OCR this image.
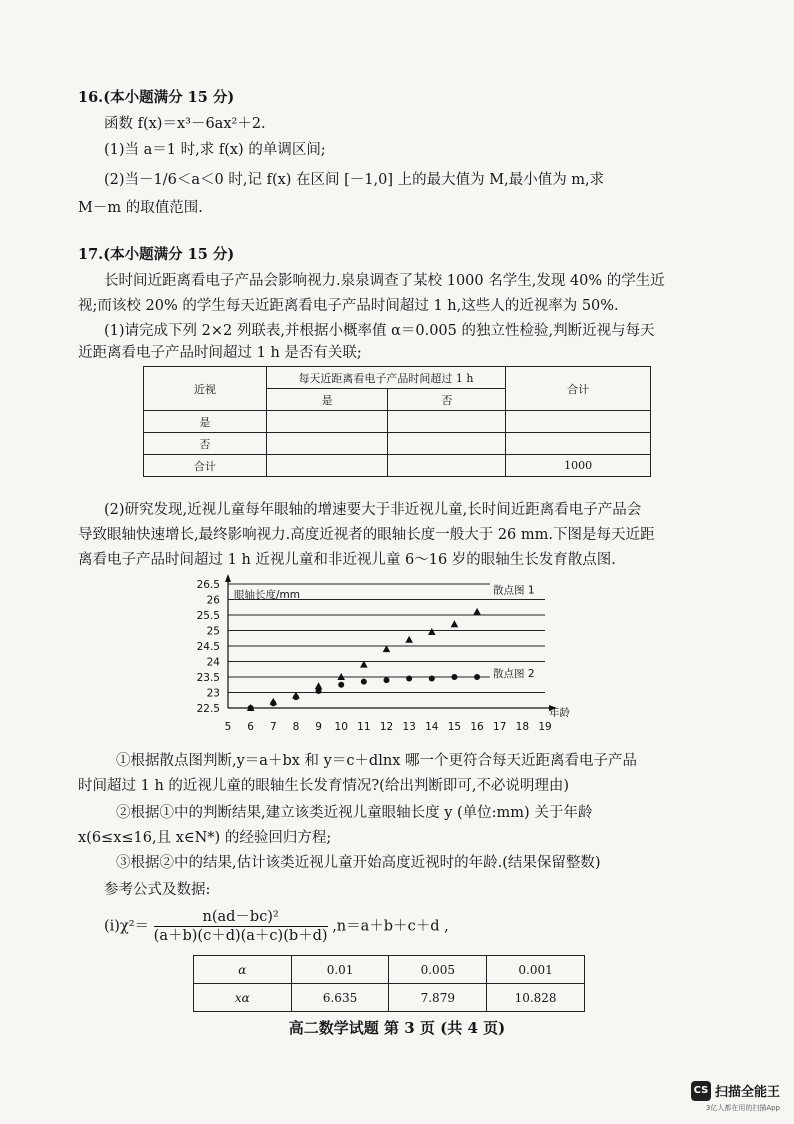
16.(本小题满分 15 分)
函数 f(x)＝x³－6ax²＋2.
(1)当 a＝1 时,求 f(x) 的单调区间;
(2)当－1/6＜a＜0 时,记 f(x) 在区间 [－1,0] 上的最大值为 M,最小值为 m,求
M－m 的取值范围.
17.(本小题满分 15 分)
长时间近距离看电子产品会影响视力.泉泉调查了某校 1000 名学生,发现 40% 的学生近
视;而该校 20% 的学生每天近距离看电子产品时间超过 1 h,这些人的近视率为 50%.
(1)请完成下列 2×2 列联表,并根据小概率值 α＝0.005 的独立性检验,判断近视与每天
近距离看电子产品时间超过 1 h 是否有关联;
近视	每天近距离看电子产品时间超过 1 h		合计
	是	否	
是			
否			
合计			1000
(2)研究发现,近视儿童每年眼轴的增速要大于非近视儿童,长时间近距离看电子产品会
导致眼轴快速增长,最终影响视力.高度近视者的眼轴长度一般大于 26 mm.下图是每天近距
离看电子产品时间超过 1 h 近视儿童和非近视儿童 6～16 岁的眼轴生长发育散点图.
22.5
23
23.5
24
24.5
25
25.5
26
26.5
5 6 7 8 9 10 11 12 13 14 15 16 17 18 19
眼轴长度/mm
年龄
散点图 1
散点图 2
①根据散点图判断,y＝a＋bx 和 y＝c＋dlnx 哪一个更符合每天近距离看电子产品
时间超过 1 h 的近视儿童的眼轴生长发育情况?(给出判断即可,不必说明理由)
②根据①中的判断结果,建立该类近视儿童眼轴长度 y (单位:mm) 关于年龄
x(6≤x≤16,且 x∈N*) 的经验回归方程;
③根据②中的结果,估计该类近视儿童开始高度近视时的年龄.(结果保留整数)
参考公式及数据:
(ⅰ)χ²＝ $\frac{\text{n(ad－bc)²}}{(a+b)(c+d)(a+c)(b+d)} ,n=a+b+c+d$ ,
α	0.01	0.005	0.001
xα	6.635	7.879	10.828
高二数学试题 第 3 页 (共 4 页)
CS 扫描全能王
3亿人都在用的扫描App
